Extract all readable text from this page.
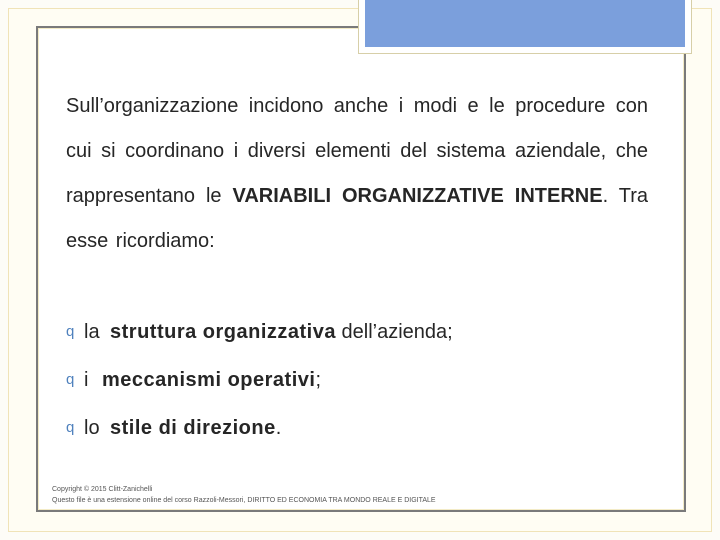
Sull’organizzazione incidono anche i modi e le procedure con cui si coordinano i diversi elementi del sistema aziendale, che rappresentano le VARIABILI ORGANIZZATIVE INTERNE. Tra esse ricordiamo:
q la struttura organizzativa dell’azienda;
q i meccanismi operativi ;
q lo stile di direzione .
Copyright © 2015 Clitt-Zanichelli
Questo file è una estensione online del corso Razzoli-Messori, DIRITTO ED ECONOMIA TRA MONDO REALE E DIGITALE
